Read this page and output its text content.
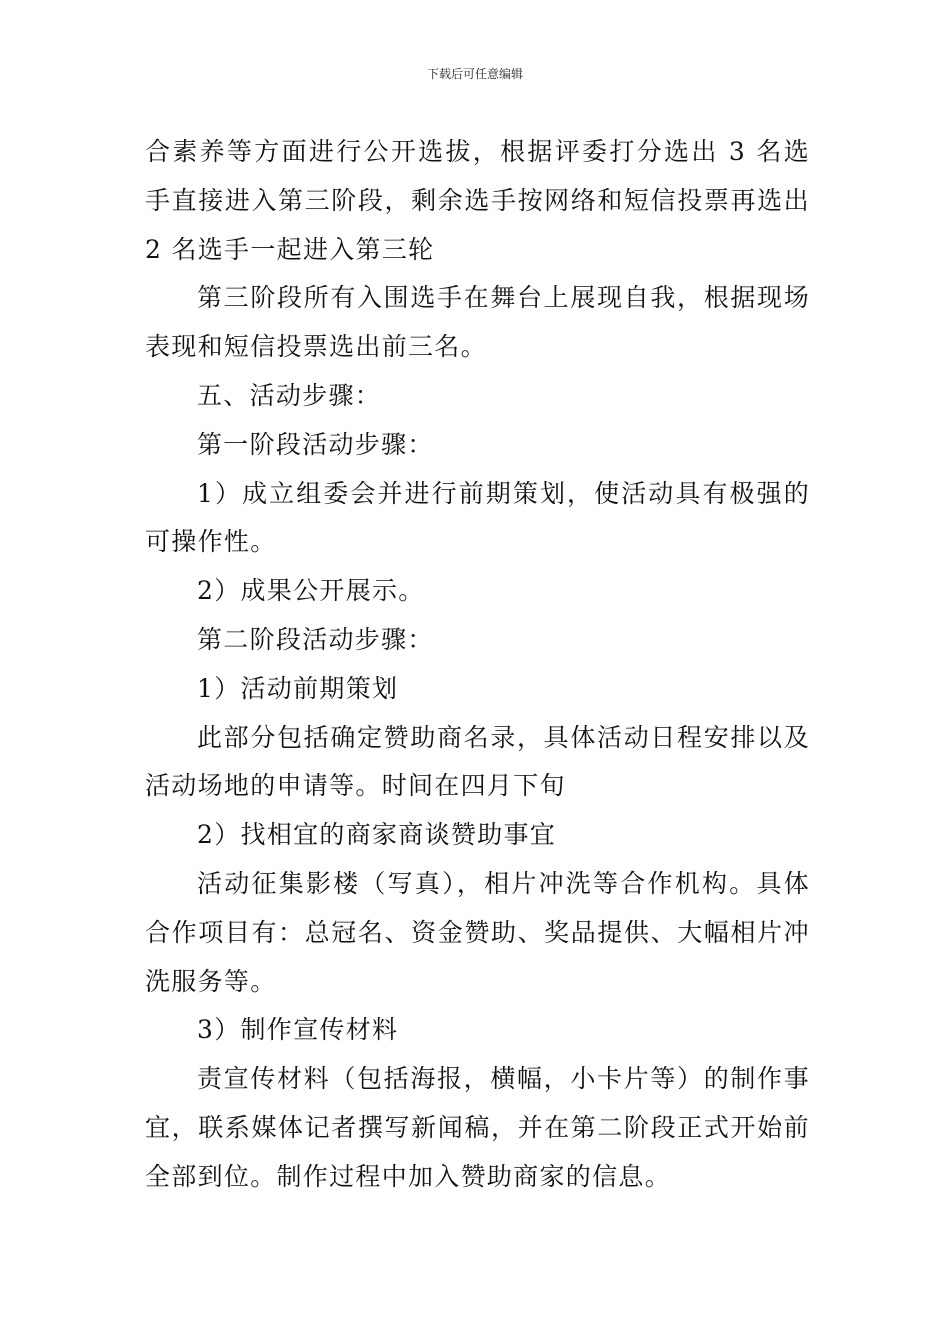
下载后可任意编辑

合素养等方面进行公开选拔，根据评委打分选出 3 名选手直接进入第三阶段，剩余选手按网络和短信投票再选出 2 名选手一起进入第三轮

第三阶段所有入围选手在舞台上展现自我，根据现场表现和短信投票选出前三名。

五、活动步骤：

第一阶段活动步骤：

1）成立组委会并进行前期策划，使活动具有极强的可操作性。

2）成果公开展示。

第二阶段活动步骤：

1）活动前期策划

此部分包括确定赞助商名录，具体活动日程安排以及活动场地的申请等。时间在四月下旬

2）找相宜的商家商谈赞助事宜

活动征集影楼（写真），相片冲洗等合作机构。具体合作项目有：总冠名、资金赞助、奖品提供、大幅相片冲洗服务等。

3）制作宣传材料

责宣传材料（包括海报，横幅，小卡片等）的制作事宜，联系媒体记者撰写新闻稿，并在第二阶段正式开始前全部到位。制作过程中加入赞助商家的信息。
